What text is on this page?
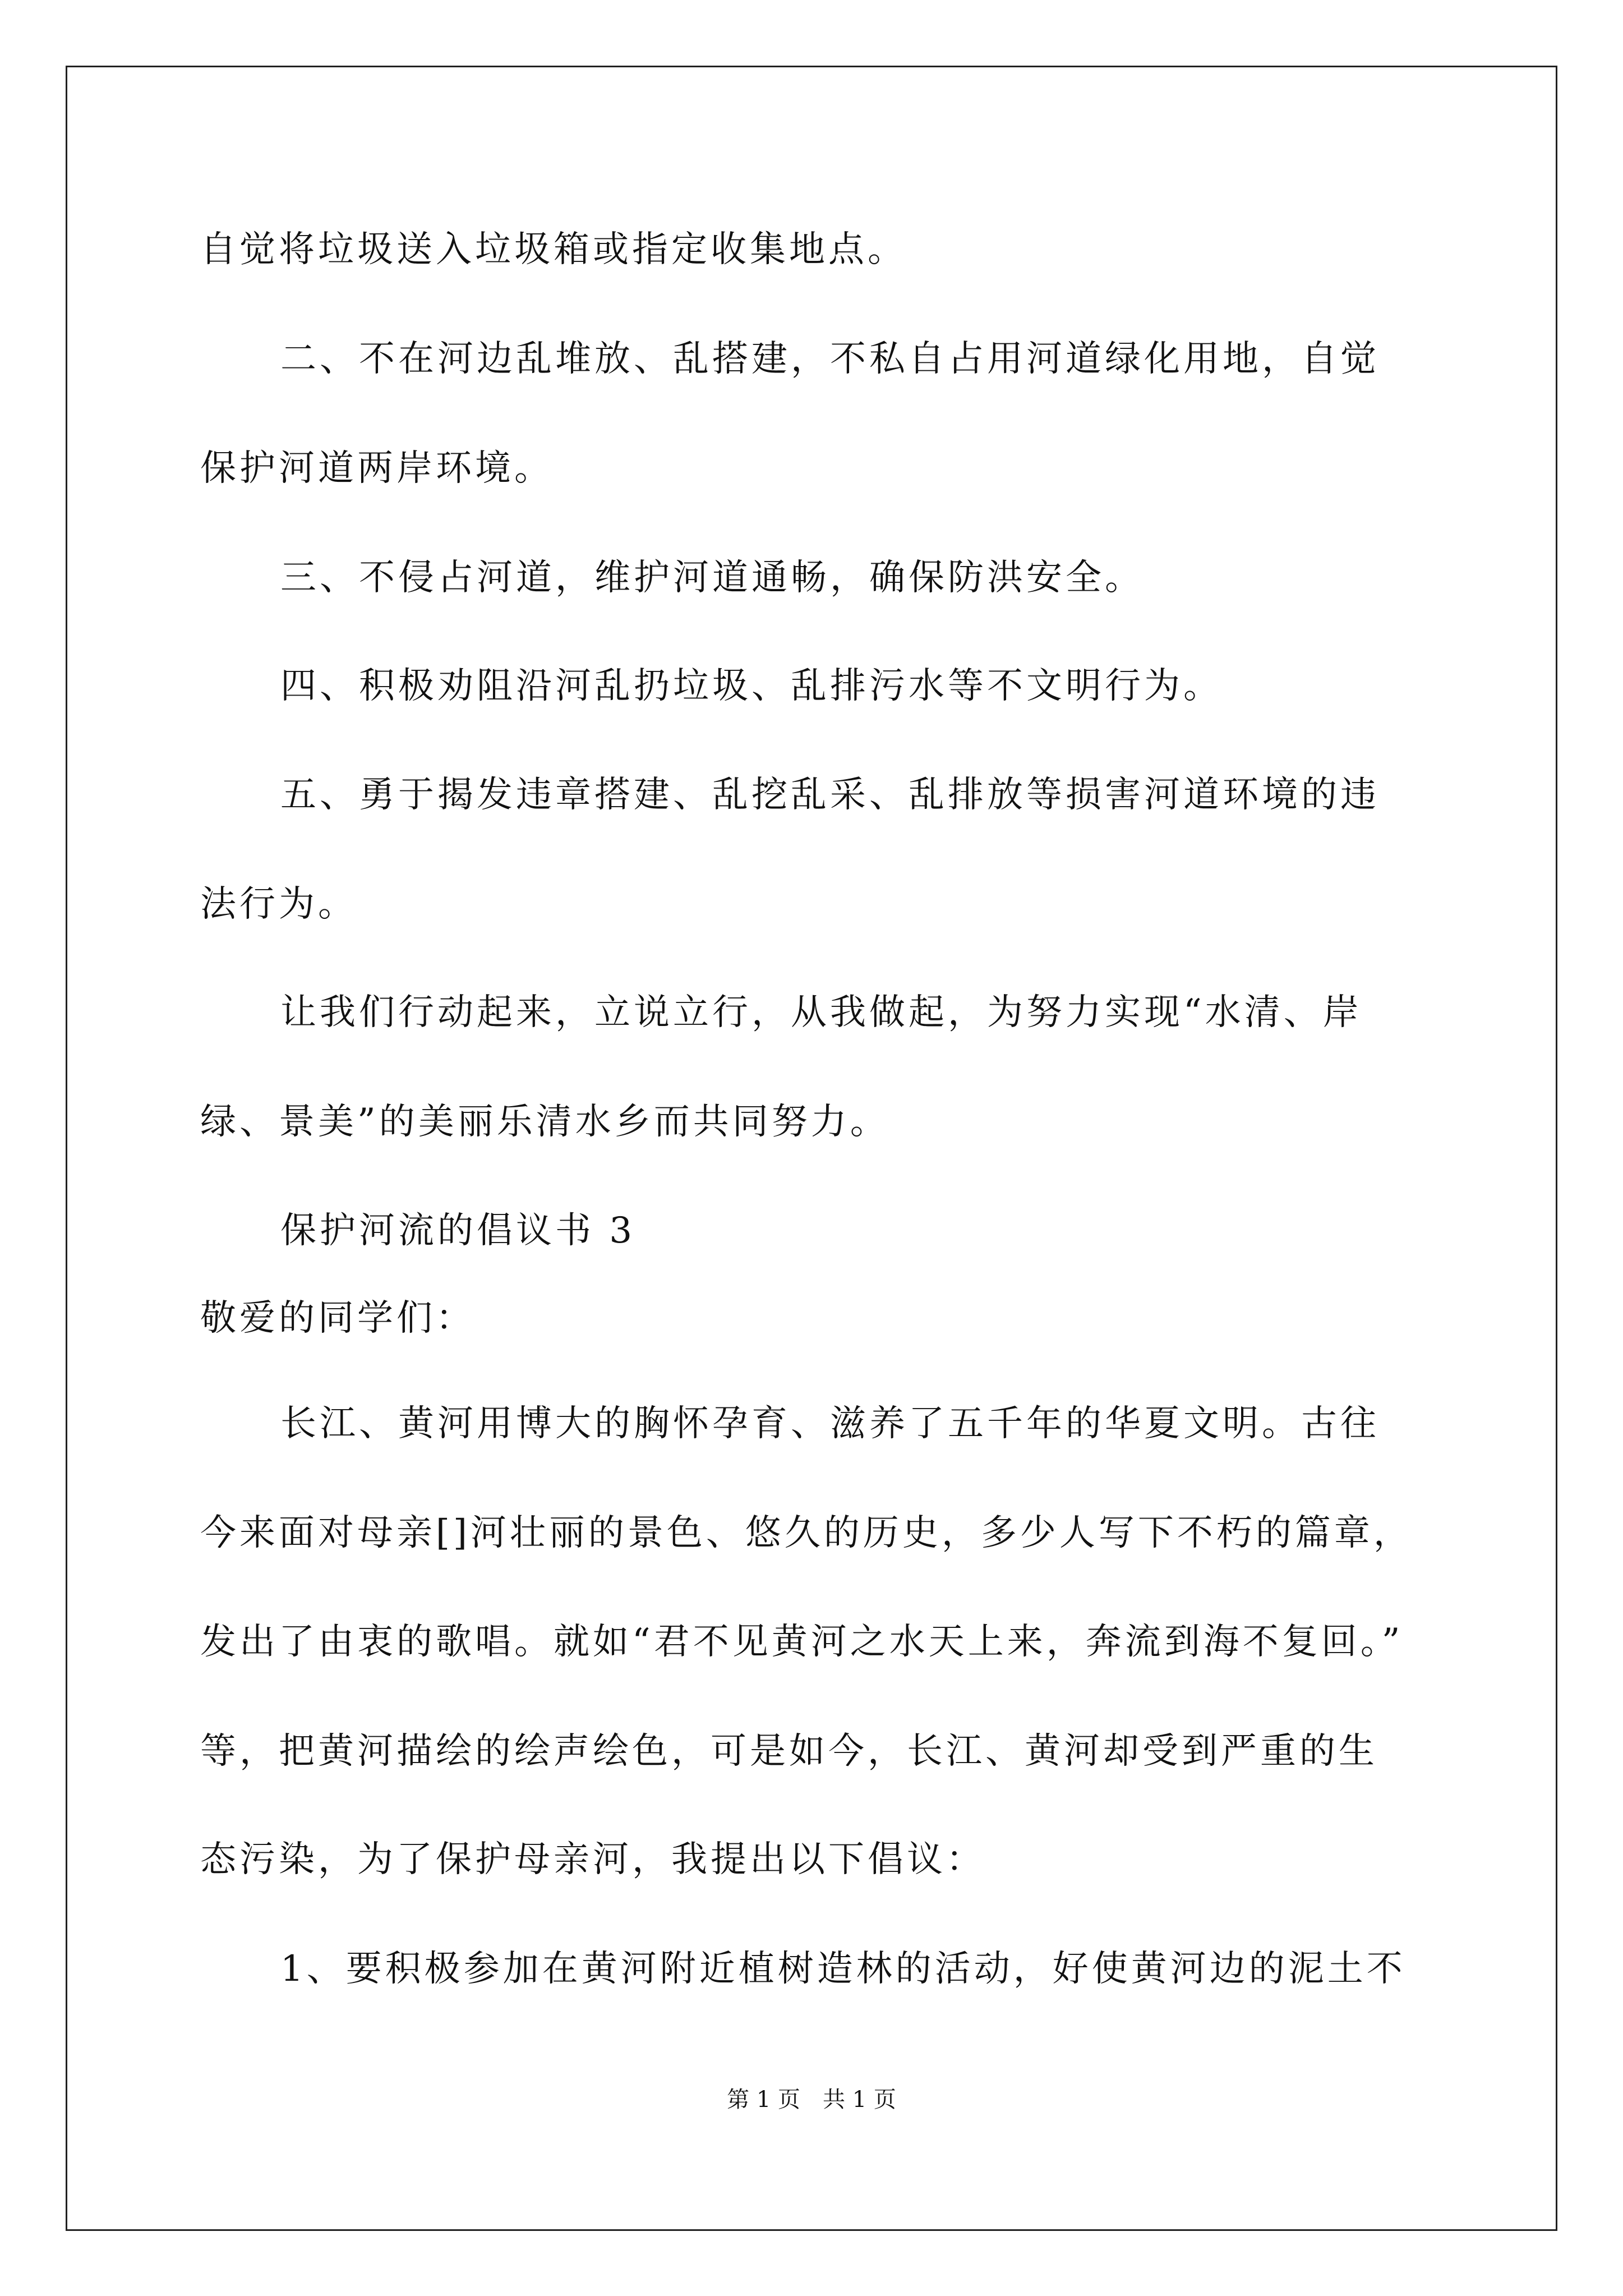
自觉将垃圾送入垃圾箱或指定收集地点。
二、不在河边乱堆放、乱搭建，不私自占用河道绿化用地，自觉
保护河道两岸环境。
三、不侵占河道，维护河道通畅，确保防洪安全。
四、积极劝阻沿河乱扔垃圾、乱排污水等不文明行为。
五、勇于揭发违章搭建、乱挖乱采、乱排放等损害河道环境的违
法行为。
让我们行动起来，立说立行，从我做起，为努力实现“水清、岸
绿、景美”的美丽乐清水乡而共同努力。
保护河流的倡议书 3
敬爱的同学们：
长江、黄河用博大的胸怀孕育、滋养了五千年的华夏文明。古往
今来面对母亲[]河壮丽的景色、悠久的历史，多少人写下不朽的篇章，
发出了由衷的歌唱。就如“君不见黄河之水天上来，奔流到海不复回。”
等，把黄河描绘的绘声绘色，可是如今，长江、黄河却受到严重的生
态污染，为了保护母亲河，我提出以下倡议：
1、要积极参加在黄河附近植树造林的活动，好使黄河边的泥土不
第 1 页　共 1 页
